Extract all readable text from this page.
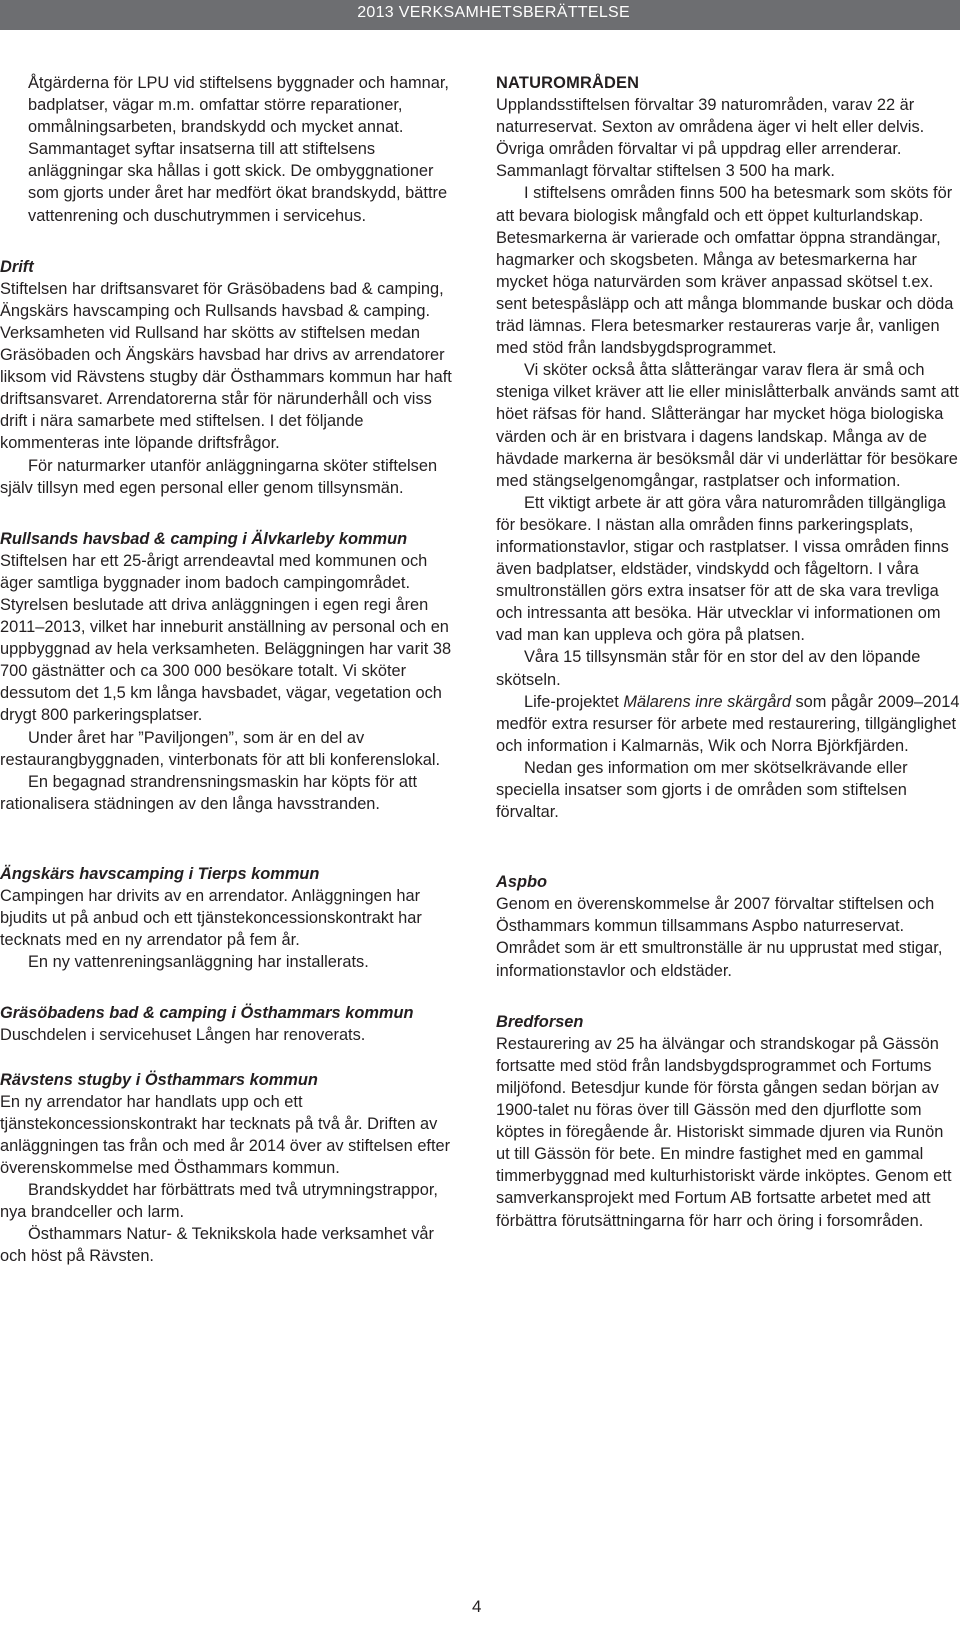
2013 VERKSAMHETSBERÄTTELSE

Åtgärderna för LPU vid stiftelsens byggnader och hamnar, badplatser, vägar m.m. omfattar större reparationer, ommålningsarbeten, brandskydd och mycket annat. Sammantaget syftar insatserna till att stiftelsens anläggningar ska hållas i gott skick. De ombyggnationer som gjorts under året har medfört ökat brandskydd, bättre vattenrening och duschutrymmen i servicehus.

Drift

Stiftelsen har driftsansvaret för Gräsöbadens bad & camping, Ängskärs havscamping och Rullsands havsbad & camping. Verksamheten vid Rullsand har skötts av stiftelsen medan Gräsöbaden och Ängskärs havsbad har drivs av arrendatorer liksom vid Rävstens stugby där Östhammars kommun har haft driftsansvaret. Arrendatorerna står för närunderhåll och viss drift i nära samarbete med stiftelsen. I det följande kommenteras inte löpande driftsfrågor.

För naturmarker utanför anläggningarna sköter stiftelsen själv tillsyn med egen personal eller genom tillsynsmän.

Rullsands havsbad & camping i Älvkarleby kommun

Stiftelsen har ett 25-årigt arrendeavtal med kommunen och äger samtliga byggnader inom badoch campingområdet. Styrelsen beslutade att driva anläggningen i egen regi åren 2011–2013, vilket har inneburit anställning av personal och en uppbyggnad av hela verksamheten. Beläggningen har varit 38 700 gästnätter och ca 300 000 besökare totalt. Vi sköter dessutom det 1,5 km långa havsbadet, vägar, vegetation och drygt 800 parkeringsplatser.

Under året har ”Paviljongen”, som är en del av restaurangbyggnaden, vinterbonats för att bli konferenslokal.

En begagnad strandrensningsmaskin har köpts för att rationalisera städningen av den långa havsstranden.

Ängskärs havscamping i Tierps kommun

Campingen har drivits av en arrendator. Anläggningen har bjudits ut på anbud och ett tjänstekoncessionskontrakt har tecknats med en ny arrendator på fem år.

En ny vattenreningsanläggning har installerats.

Gräsöbadens bad & camping i Östhammars kommun

Duschdelen i servicehuset Lången har renoverats.

Rävstens stugby i Östhammars kommun

En ny arrendator har handlats upp och ett tjänstekoncessionskontrakt har tecknats på två år. Driften av anläggningen tas från och med år 2014 över av stiftelsen efter överenskommelse med Östhammars kommun.

Brandskyddet har förbättrats med två utrymningstrappor, nya brandceller och larm.

Östhammars Natur- & Teknikskola hade verksamhet vår och höst på Rävsten.

NATUROMRÅDEN

Upplandsstiftelsen förvaltar 39 naturområden, varav 22 är naturreservat. Sexton av områdena äger vi helt eller delvis. Övriga områden förvaltar vi på uppdrag eller arrenderar. Sammanlagt förvaltar stiftelsen 3 500 ha mark.

I stiftelsens områden finns 500 ha betesmark som sköts för att bevara biologisk mångfald och ett öppet kulturlandskap. Betesmarkerna är varierade och omfattar öppna strandängar, hagmarker och skogsbeten. Många av betesmarkerna har mycket höga naturvärden som kräver anpassad skötsel t.ex. sent betespåsläpp och att många blommande buskar och döda träd lämnas. Flera betesmarker restaureras varje år, vanligen med stöd från landsbygdsprogrammet.

Vi sköter också åtta slåtterängar varav flera är små och steniga vilket kräver att lie eller minislåtterbalk används samt att höet räfsas för hand. Slåtterängar har mycket höga biologiska värden och är en bristvara i dagens landskap. Många av de hävdade markerna är besöksmål där vi underlättar för besökare med stängselgenomgångar, rastplatser och information.

Ett viktigt arbete är att göra våra naturområden tillgängliga för besökare. I nästan alla områden finns parkeringsplats, informationstavlor, stigar och rastplatser. I vissa områden finns även badplatser, eldstäder, vindskydd och fågeltorn. I våra smultronställen görs extra insatser för att de ska vara trevliga och intressanta att besöka. Här utvecklar vi informationen om vad man kan uppleva och göra på platsen.

Våra 15 tillsynsmän står för en stor del av den löpande skötseln.

Life-projektet Mälarens inre skärgård som pågår 2009–2014 medför extra resurser för arbete med restaurering, tillgänglighet och information i Kalmarnäs, Wik och Norra Björkfjärden.

Nedan ges information om mer skötselkrävande eller speciella insatser som gjorts i de områden som stiftelsen förvaltar.

Aspbo

Genom en överenskommelse år 2007 förvaltar stiftelsen och Östhammars kommun tillsammans Aspbo naturreservat. Området som är ett smultronställe är nu upprustat med stigar, informationstavlor och eldstäder.

Bredforsen

Restaurering av 25 ha älvängar och strandskogar på Gässön fortsatte med stöd från landsbygdsprogrammet och Fortums miljöfond. Betesdjur kunde för första gången sedan början av 1900-talet nu föras över till Gässön med den djurflotte som köptes in föregående år. Historiskt simmade djuren via Runön ut till Gässön för bete. En mindre fastighet med en gammal timmerbyggnad med kulturhistoriskt värde inköptes. Genom ett samverkansprojekt med Fortum AB fortsatte arbetet med att förbättra förutsättningarna för harr och öring i forsområden.

4
